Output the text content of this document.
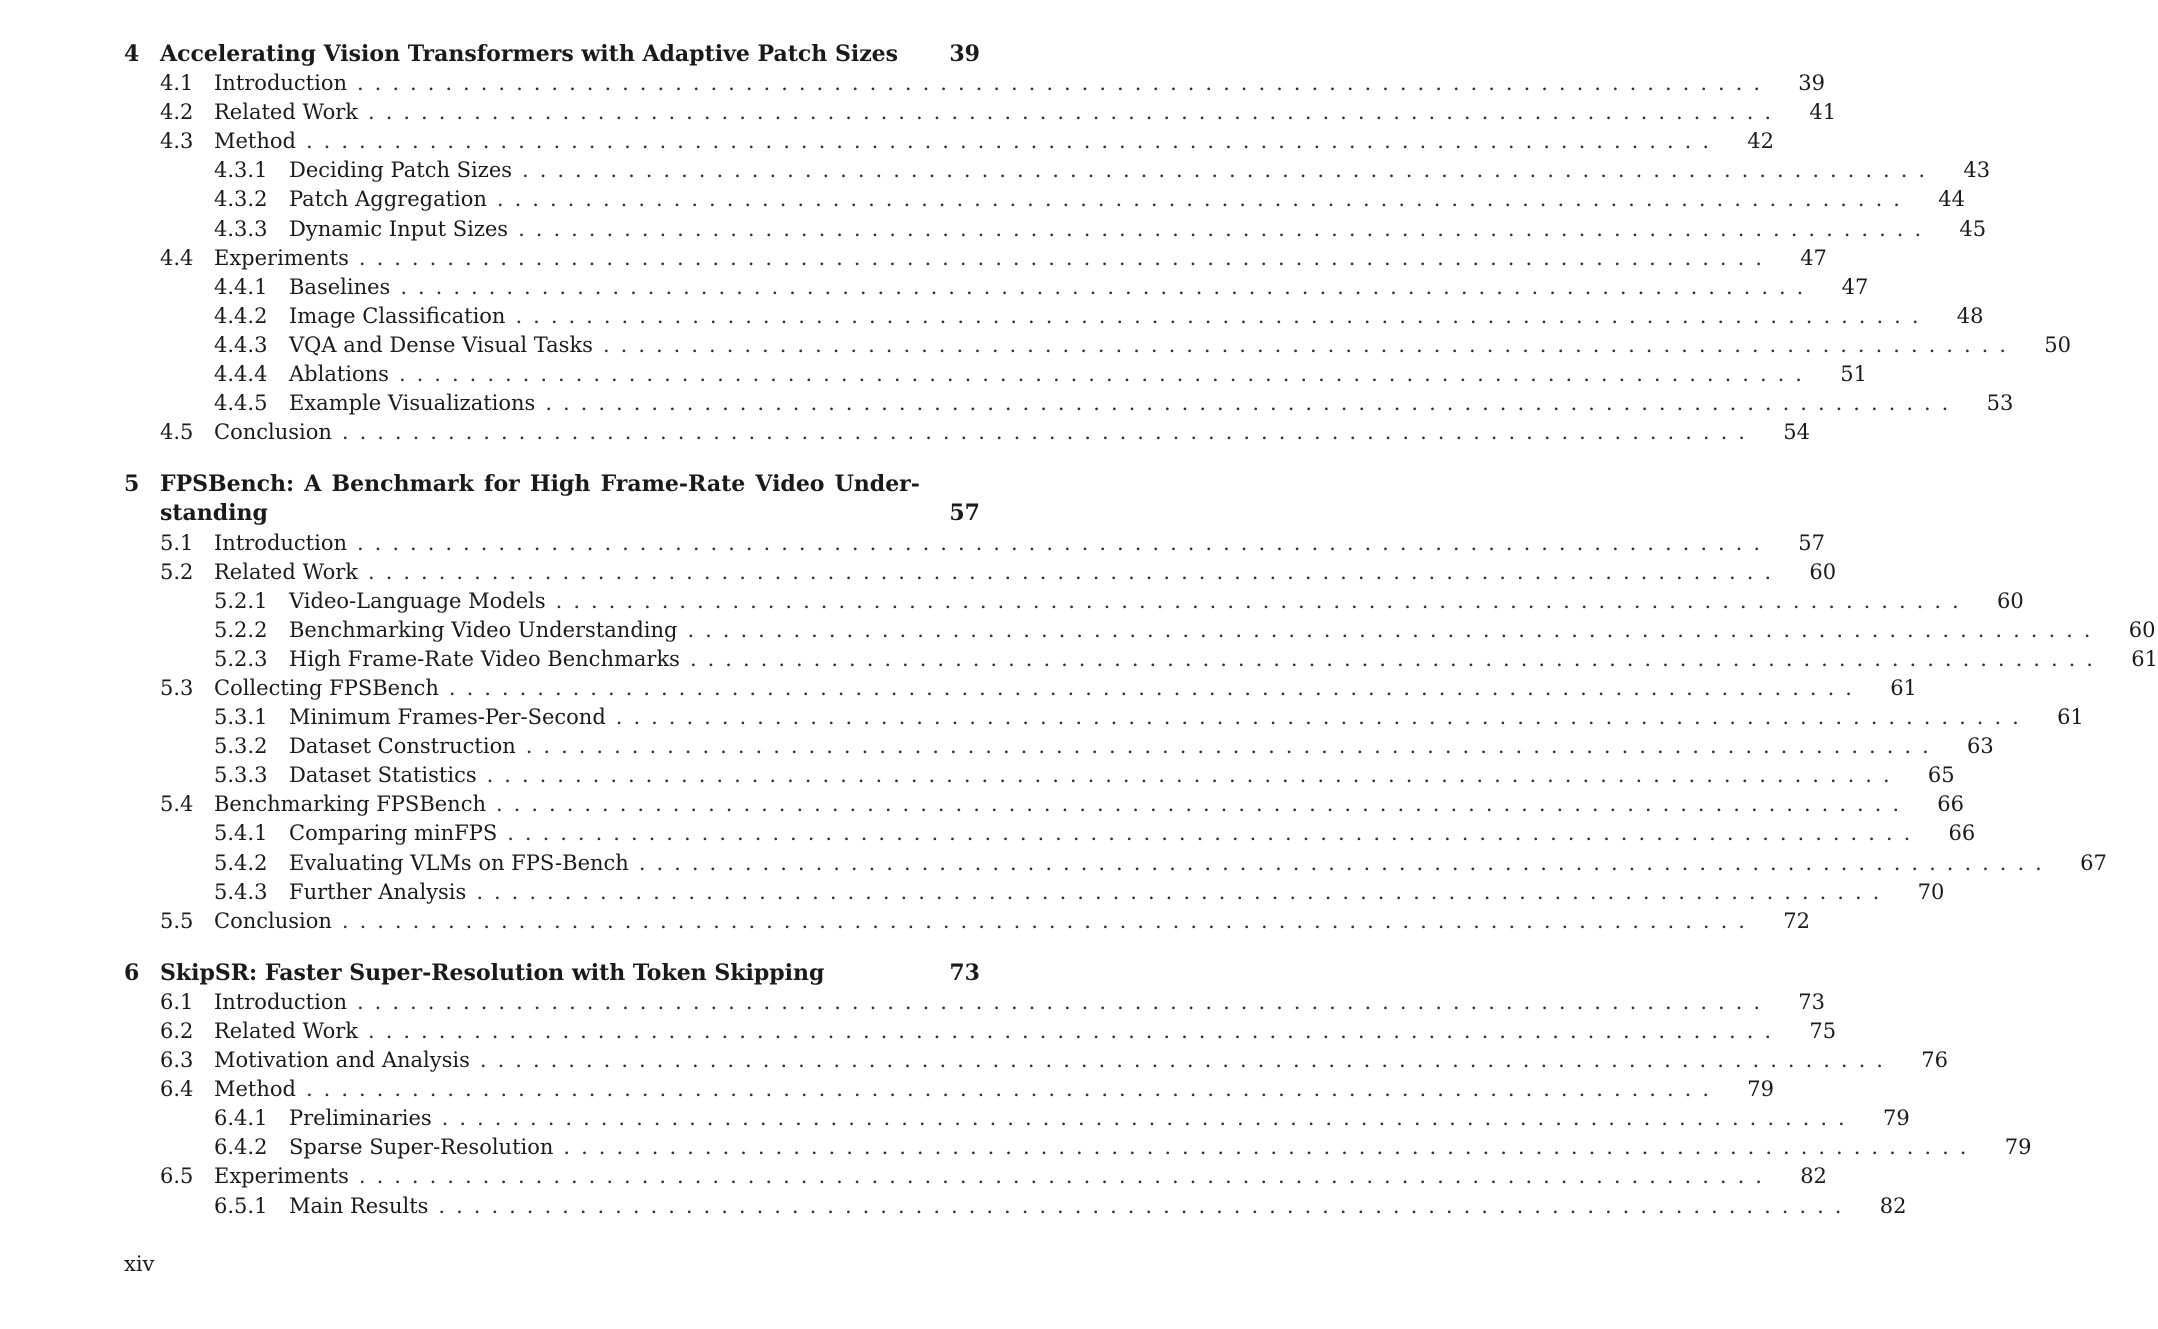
4 Accelerating Vision Transformers with Adaptive Patch Sizes 39
4.1 Introduction ................................................................................	39
4.2 Related Work ................................................................................	41
4.3 Method ................................................................................	42
4.3.1	Deciding Patch Sizes ................................................................................	43
4.3.2	Patch Aggregation ................................................................................	44
4.3.3	Dynamic Input Sizes ................................................................................	45
4.4 Experiments ................................................................................	47
4.4.1	Baselines ................................................................................	47
4.4.2	Image Classification ................................................................................	48
4.4.3	VQA and Dense Visual Tasks ................................................................................	50
4.4.4	Ablations ................................................................................	51
4.4.5	Example Visualizations ................................................................................	53
4.5 Conclusion ................................................................................	54
5 FPSBench: A Benchmark for High Frame-Rate Video Under-
standing	57
5.1 Introduction ................................................................................	57
5.2 Related Work ................................................................................	60
5.2.1	Video-Language Models ................................................................................	60
5.2.2	Benchmarking Video Understanding ................................................................................	60
5.2.3	High Frame-Rate Video Benchmarks ................................................................................	61
5.3 Collecting FPSBench ................................................................................	61
5.3.1	Minimum Frames-Per-Second ................................................................................	61
5.3.2	Dataset Construction ................................................................................	63
5.3.3	Dataset Statistics ................................................................................	65
5.4 Benchmarking FPSBench ................................................................................	66
5.4.1	Comparing minFPS ................................................................................	66
5.4.2	Evaluating VLMs on FPS-Bench ................................................................................	67
5.4.3	Further Analysis ................................................................................	70
5.5 Conclusion ................................................................................	72
6 SkipSR: Faster Super-Resolution with Token Skipping	73
6.1 Introduction ................................................................................	73
6.2 Related Work ................................................................................	75
6.3 Motivation and Analysis ................................................................................	76
6.4 Method ................................................................................	79
6.4.1	Preliminaries ................................................................................	79
6.4.2	Sparse Super-Resolution ................................................................................	79
6.5 Experiments ................................................................................	82
6.5.1	Main Results ................................................................................	82
xiv
